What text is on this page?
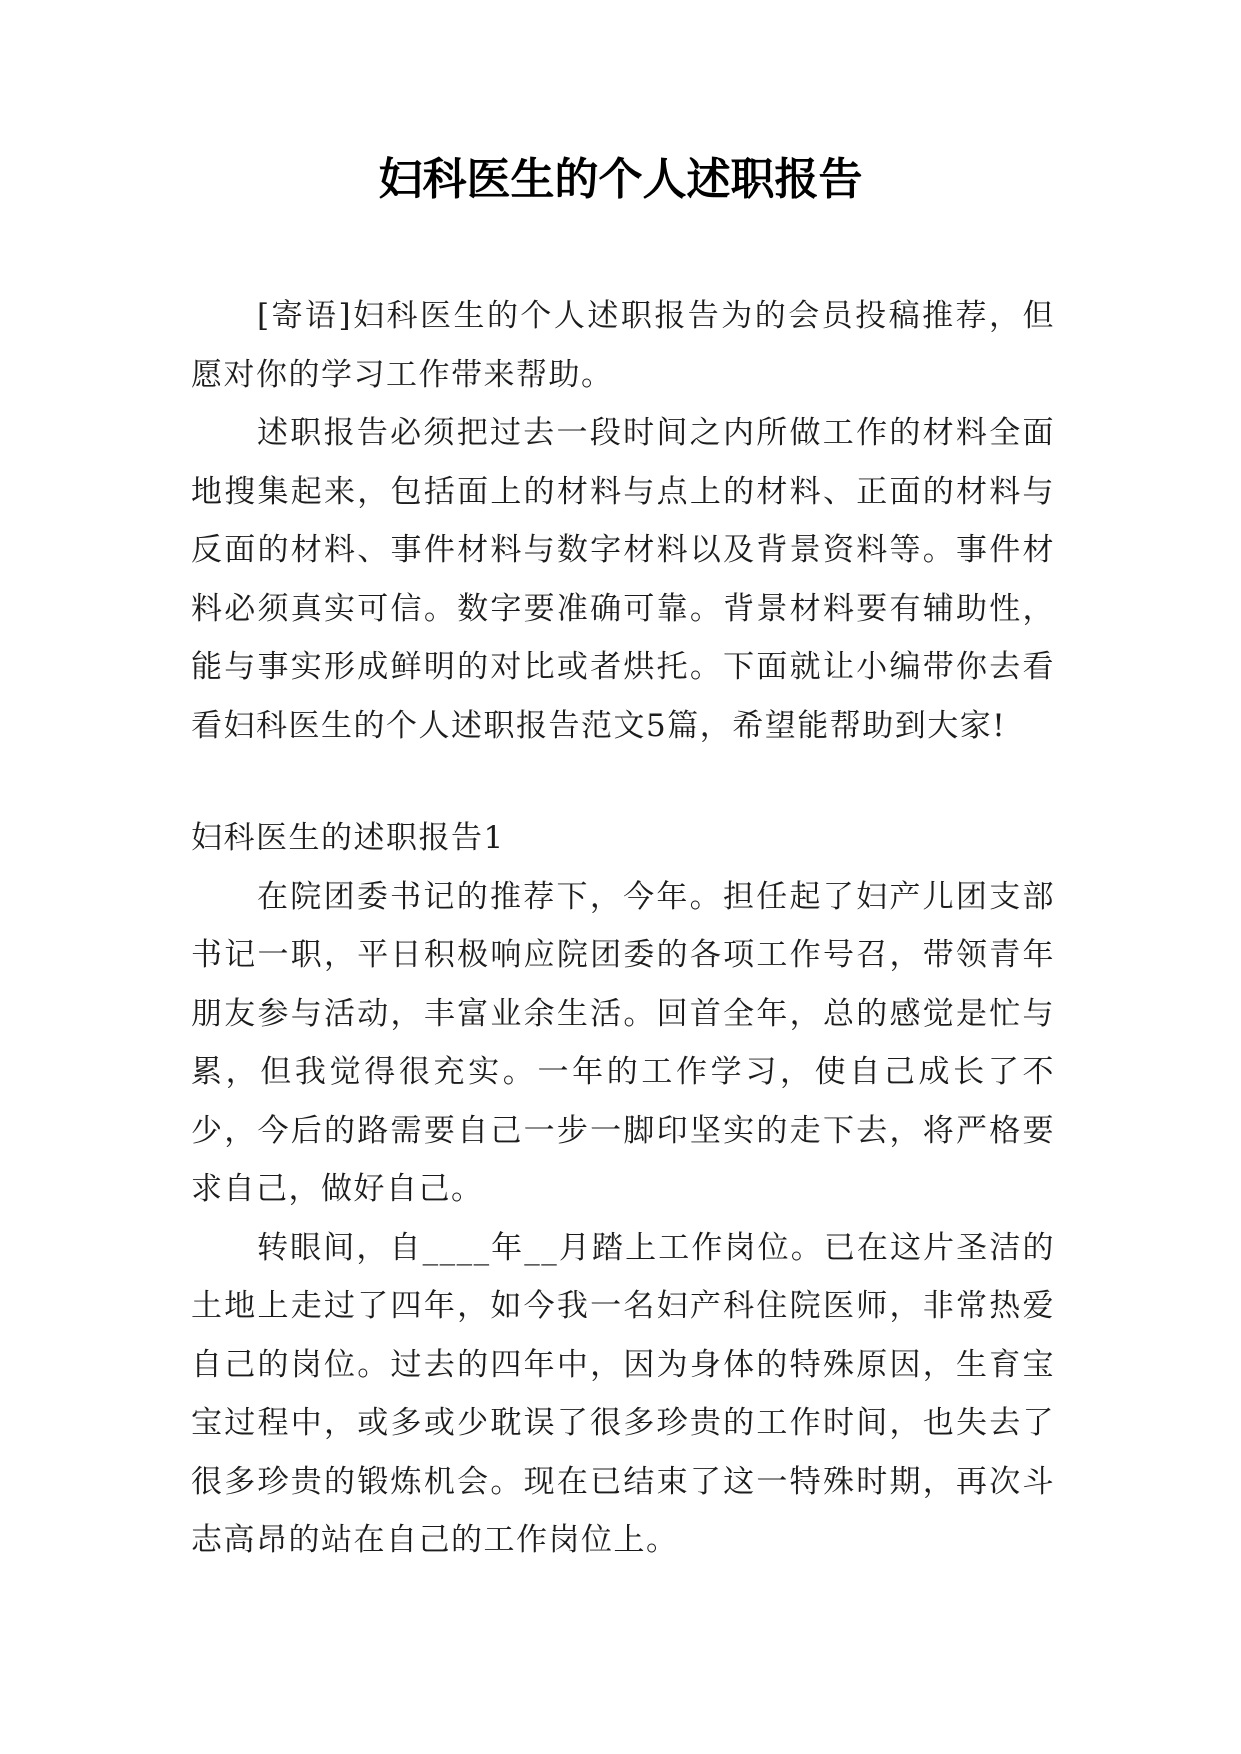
妇科医生的个人述职报告

[寄语]妇科医生的个人述职报告为的会员投稿推荐，但愿对你的学习工作带来帮助。

述职报告必须把过去一段时间之内所做工作的材料全面地搜集起来，包括面上的材料与点上的材料、正面的材料与反面的材料、事件材料与数字材料以及背景资料等。事件材料必须真实可信。数字要准确可靠。背景材料要有辅助性，能与事实形成鲜明的对比或者烘托。下面就让小编带你去看看妇科医生的个人述职报告范文5篇，希望能帮助到大家!

妇科医生的述职报告1

在院团委书记的推荐下，今年。担任起了妇产儿团支部书记一职，平日积极响应院团委的各项工作号召，带领青年朋友参与活动，丰富业余生活。回首全年，总的感觉是忙与累，但我觉得很充实。一年的工作学习，使自己成长了不少，今后的路需要自己一步一脚印坚实的走下去，将严格要求自己，做好自己。

转眼间，自____年__月踏上工作岗位。已在这片圣洁的土地上走过了四年，如今我一名妇产科住院医师，非常热爱自己的岗位。过去的四年中，因为身体的特殊原因，生育宝宝过程中，或多或少耽误了很多珍贵的工作时间，也失去了很多珍贵的锻炼机会。现在已结束了这一特殊时期，再次斗志高昂的站在自己的工作岗位上。
